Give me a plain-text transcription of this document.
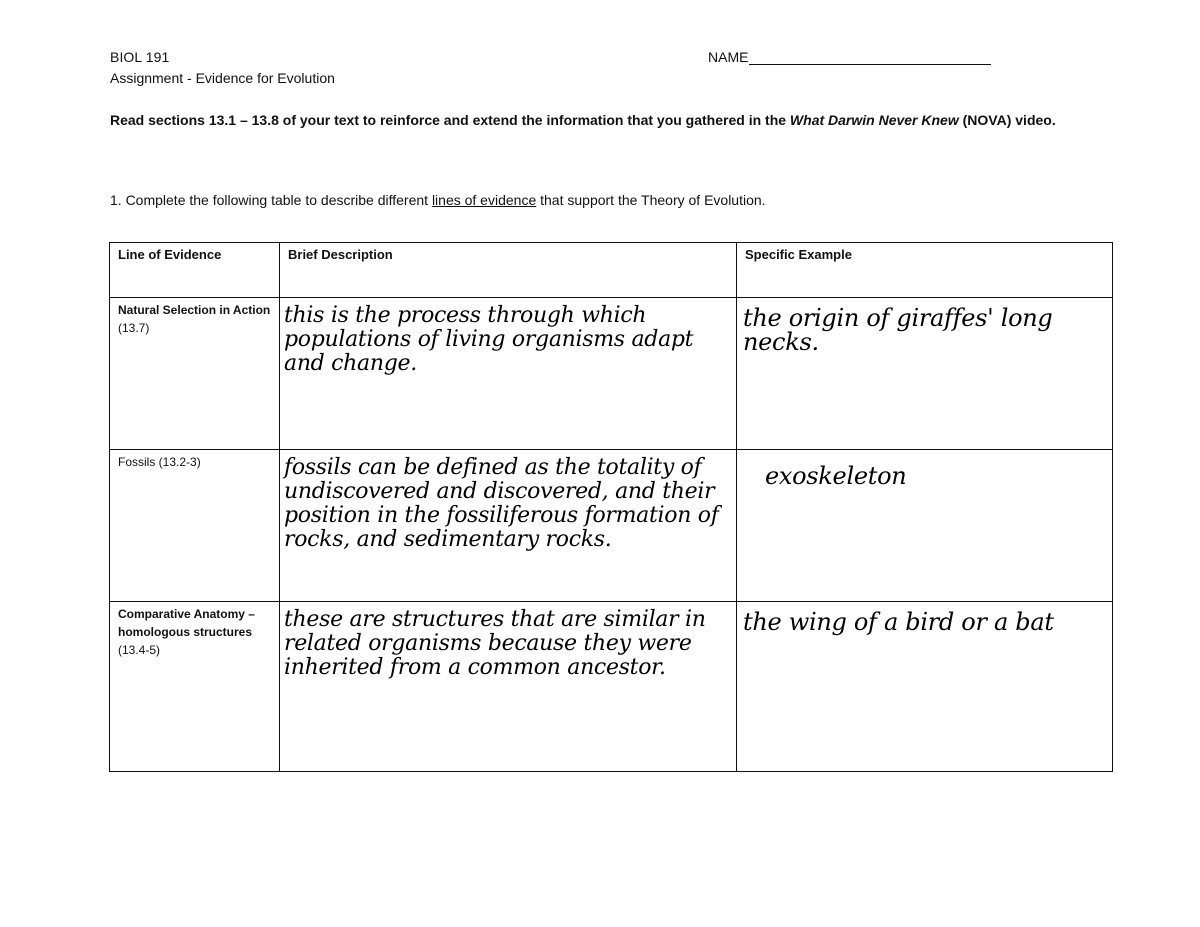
BIOL 191
Assignment - Evidence for Evolution
NAME
Read sections 13.1 – 13.8 of your text to reinforce and extend the information that you gathered in the What Darwin Never Knew (NOVA) video.
1. Complete the following table to describe different lines of evidence that support the Theory of Evolution.
Line of Evidence	Brief Description	Specific Example
Natural Selection in Action (13.7)	this is the process through which populations of living organisms adapt and change.	the origin of giraffes' long necks.

Fossils (13.2-3)	fossils can be defined as the totality of undiscovered and discovered, and their position in the fossiliferous formation of rocks, and sedimentary rocks.	exoskeleton

Comparative Anatomy – homologous structures (13.4-5)	these are structures that are similar in related organisms because they were inherited from a common ancestor.	the wing of a bird or a bat
